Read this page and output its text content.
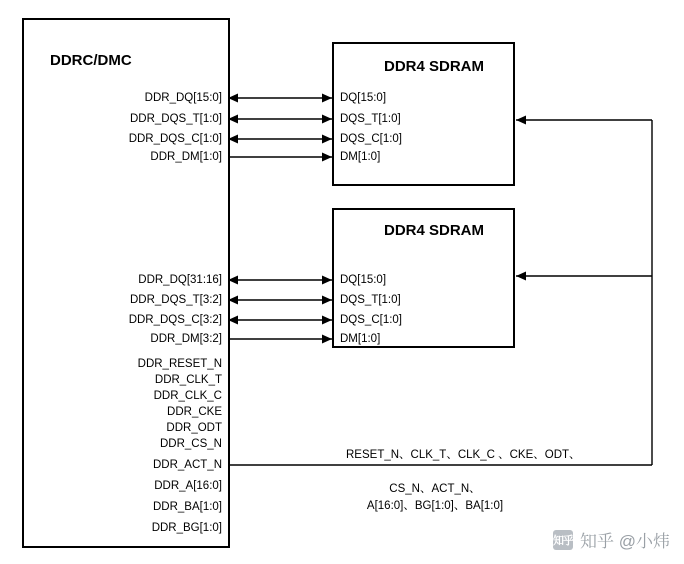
DDRC/DMC	DDR4 SDRAM
DDR4 SDRAM
DDR_DQ[15:0]
DDR_DQS_T[1:0]
DDR_DQS_C[1:0]
DDR_DM[1:0]
DDR_DQ[31:16]
DDR_DQS_T[3:2]
DDR_DQS_C[3:2]
DDR_DM[3:2]
DDR_RESET_N
DDR_CLK_T
DDR_CLK_C
DDR_CKE
DDR_ODT
DDR_CS_N
DDR_ACT_N
DDR_A[16:0]
DDR_BA[1:0]
DDR_BG[1:0]
DQ[15:0]
DQS_T[1:0]
DQS_C[1:0]
DM[1:0]
DQ[15:0]
DQS_T[1:0]
DQS_C[1:0]
DM[1:0]
RESET_N、CLK_T、CLK_C 、CKE、ODT、
CS_N、ACT_N、
A[16:0]、BG[1:0]、BA[1:0]
知乎 知乎 @小炜
